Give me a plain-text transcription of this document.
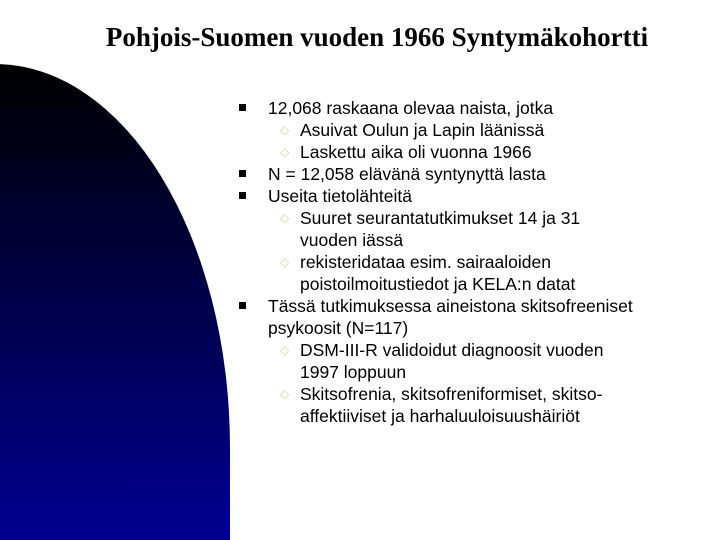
Pohjois-Suomen vuoden 1966 Syntymäkohortti
12,068 raskaana olevaa naista, jotka
◇ Asuivat Oulun ja Lapin läänissä
◇ Laskettu aika oli vuonna 1966
N = 12,058 elävänä syntynyttä lasta
Useita tietolähteitä
◇ Suuret seurantatutkimukset 14 ja 31
vuoden iässä
◇ rekisteridataa esim. sairaaloiden
poistoilmoitustiedot ja KELA:n datat
Tässä tutkimuksessa aineistona skitsofreeniset
psykoosit (N=117)
◇ DSM-III-R validoidut diagnoosit vuoden
1997 loppuun
◇ Skitsofrenia, skitsofreniformiset, skitso-
affektiiviset ja harhaluuloisuushäiriöt
